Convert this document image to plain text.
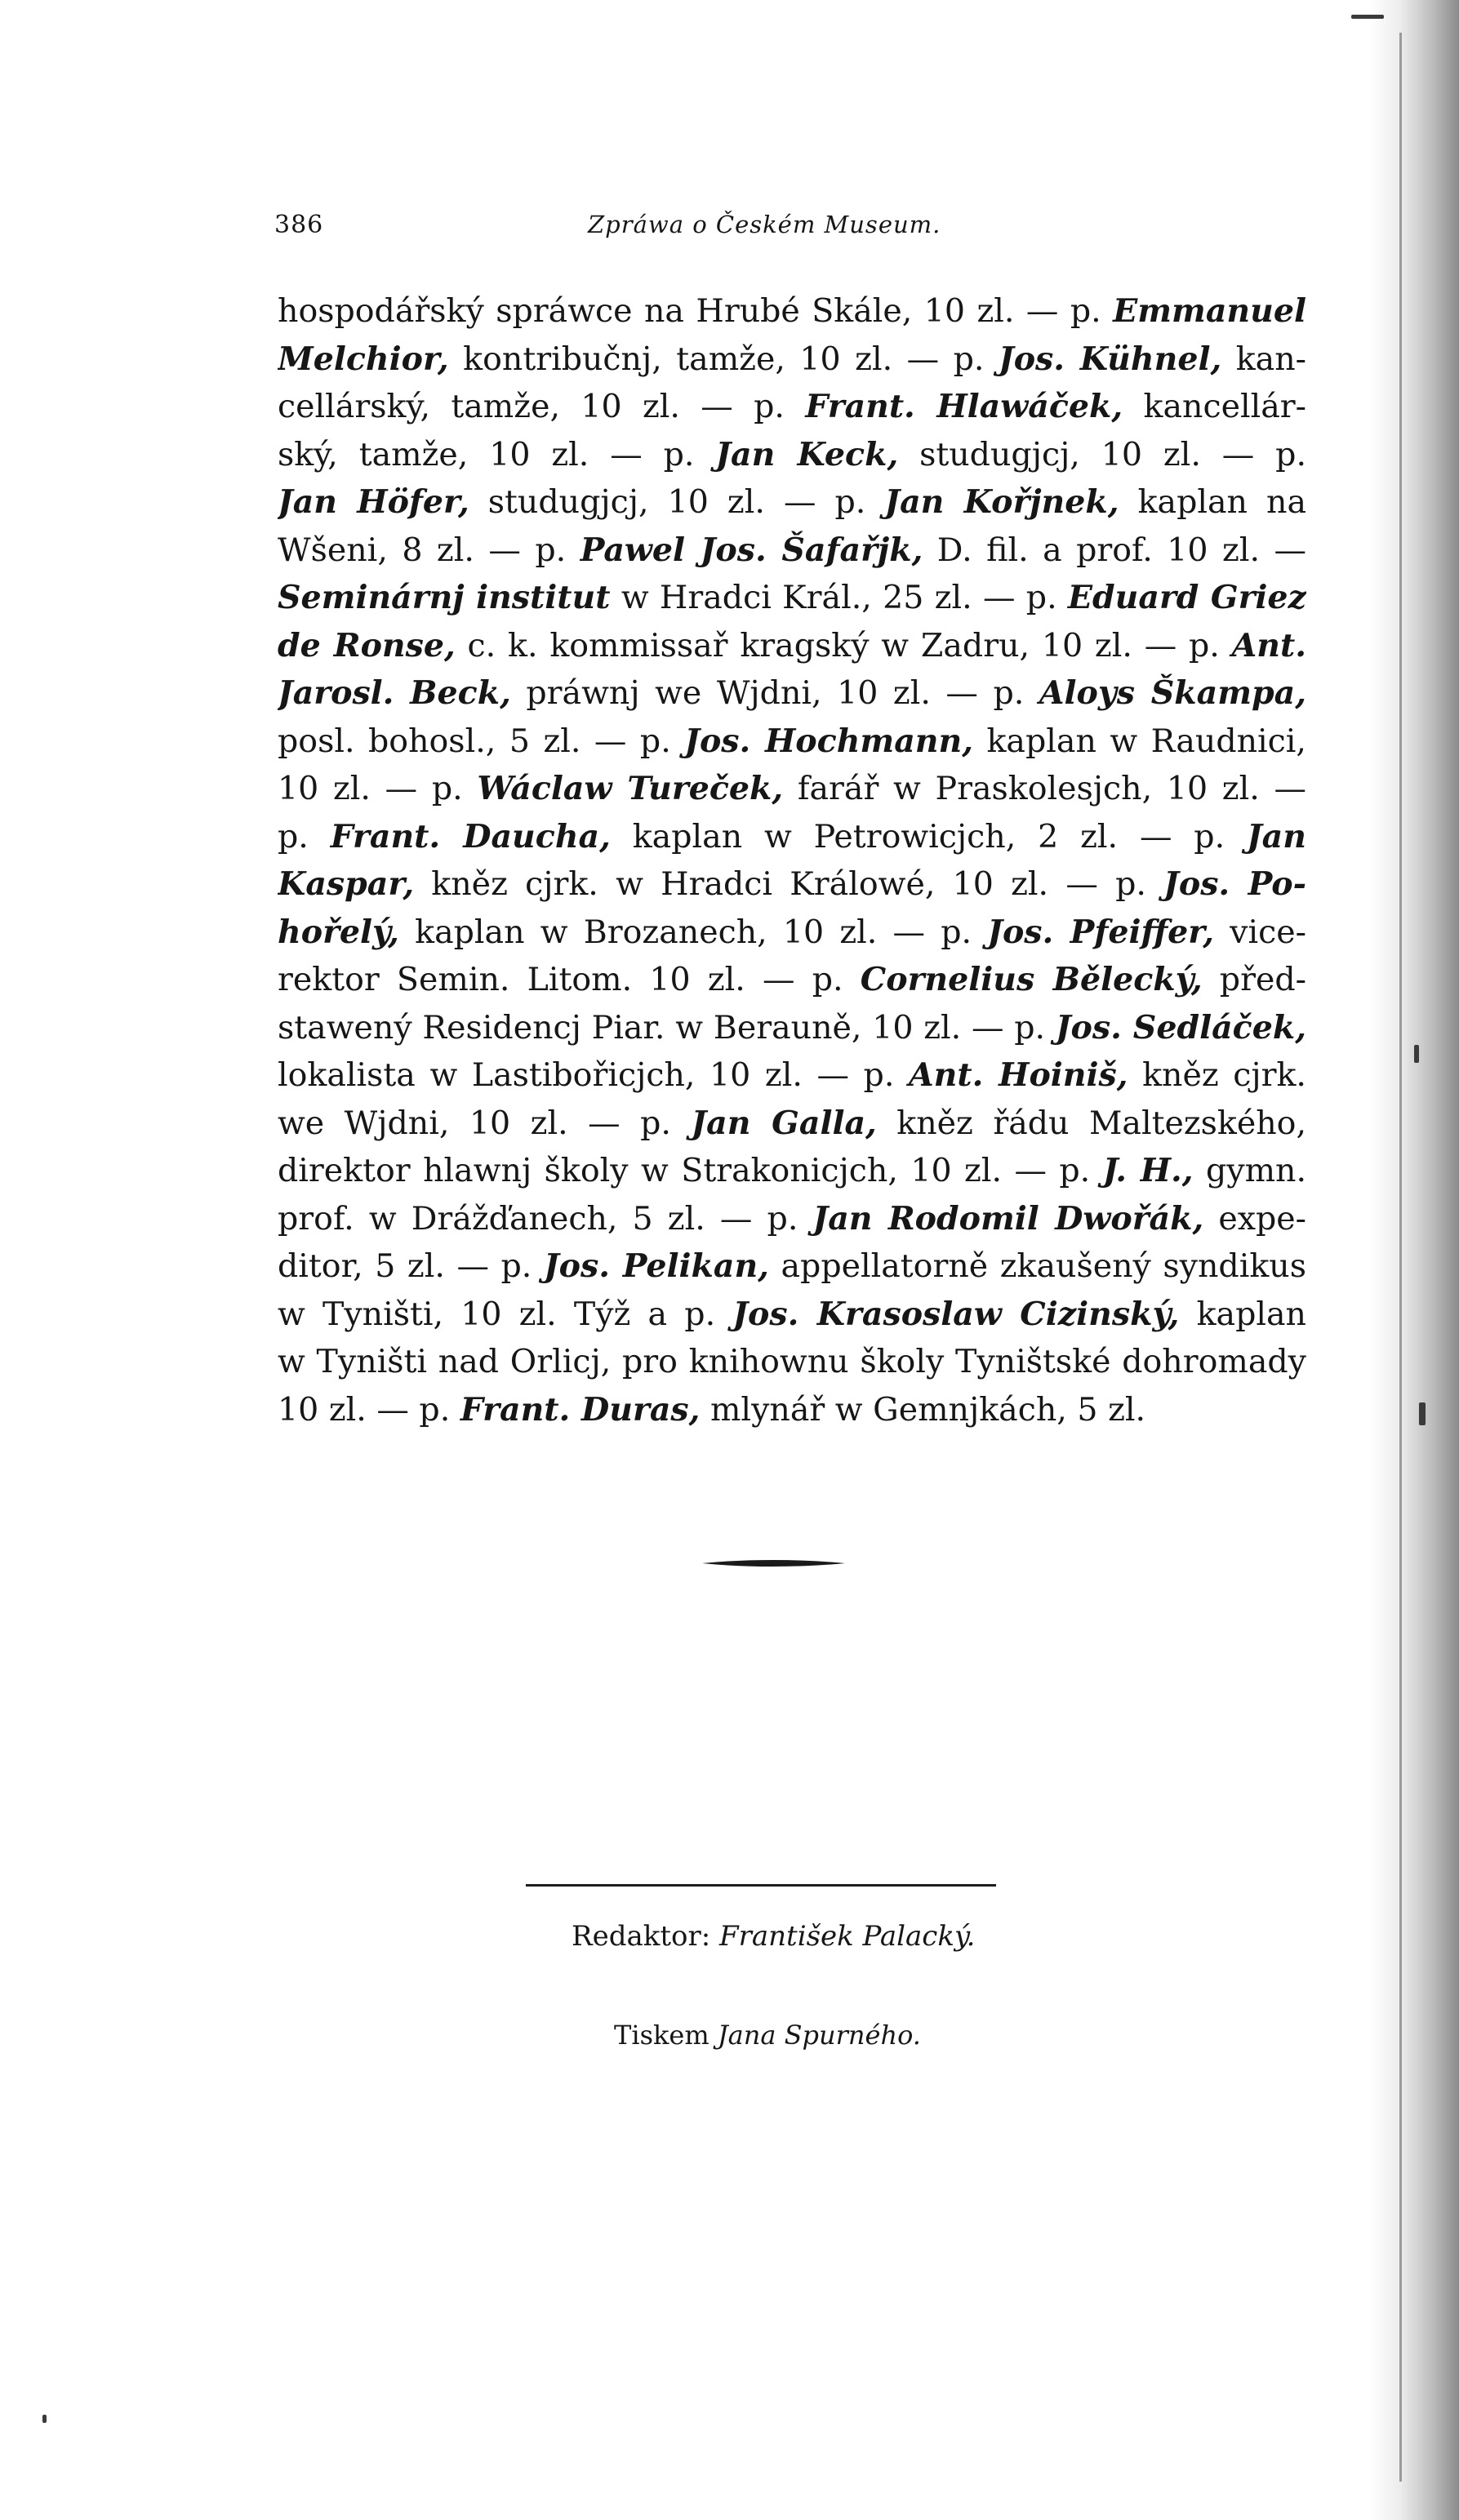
386	Zpráwa o Českém Museum.
hospodářský spráwce na Hrubé Skále, 10 zl. — p. Emmanuel
Melchior, kontribučnj, tamže, 10 zl. — p. Jos. Kühnel, kan-
cellárský, tamže, 10 zl. — p. Frant. Hlawáček, kancellár-
ský, tamže, 10 zl. — p. Jan Keck, studugjcj, 10 zl. — p.
Jan Höfer, studugjcj, 10 zl. — p. Jan Kořjnek, kaplan na
Wšeni, 8 zl. — p. Pawel Jos. Šafařjk, D. fil. a prof. 10 zl. —
Seminárnj institut w Hradci Král., 25 zl. — p. Eduard Griez
de Ronse, c. k. kommissař kragský w Zadru, 10 zl. — p. Ant.
Jarosl. Beck, práwnj we Wjdni, 10 zl. — p. Aloys Škampa,
posl. bohosl., 5 zl. — p. Jos. Hochmann, kaplan w Raudnici,
10 zl. — p. Wáclaw Tureček, farář w Praskolesjch, 10 zl. —
p. Frant. Daucha, kaplan w Petrowicjch, 2 zl. — p. Jan
Kaspar, kněz cjrk. w Hradci Králowé, 10 zl. — p. Jos. Po-
hořelý, kaplan w Brozanech, 10 zl. — p. Jos. Pfeiffer, vice-
rektor Semin. Litom. 10 zl. — p. Cornelius Bělecký, před-
stawený Residencj Piar. w Berauně, 10 zl. — p. Jos. Sedláček,
lokalista w Lastibořicjch, 10 zl. — p. Ant. Hoiniš, kněz cjrk.
we Wjdni, 10 zl. — p. Jan Galla, kněz řádu Maltezského,
direktor hlawnj školy w Strakonicjch, 10 zl. — p. J. H., gymn.
prof. w Drážďanech, 5 zl. — p. Jan Rodomil Dwořák, expe-
ditor, 5 zl. — p. Jos. Pelikan, appellatorně zkaušený syndikus
w Tyništi, 10 zl. Týž a p. Jos. Krasoslaw Cizinský, kaplan
w Tyništi nad Orlicj, pro knihownu školy Tyništské dohromady
10 zl. — p. Frant. Duras, mlynář w Gemnjkách, 5 zl.
Redaktor: František Palacký.
Tiskem Jana Spurného.
